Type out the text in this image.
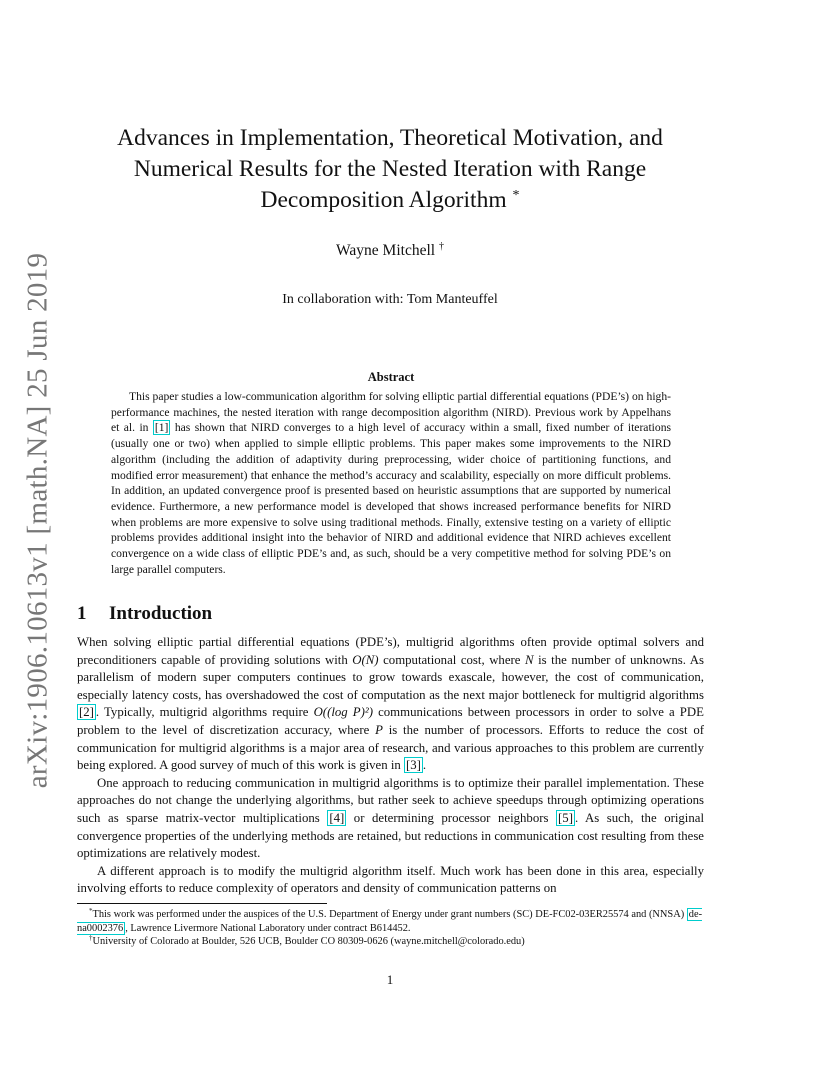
arXiv:1906.10613v1 [math.NA] 25 Jun 2019
Advances in Implementation, Theoretical Motivation, and
Numerical Results for the Nested Iteration with Range
Decomposition Algorithm *
Wayne Mitchell †
In collaboration with: Tom Manteuffel
Abstract

This paper studies a low-communication algorithm for solving elliptic partial differential equations (PDE’s) on high-performance machines, the nested iteration with range decomposition algorithm (NIRD). Previous work by Appelhans et al. in [1] has shown that NIRD converges to a high level of accuracy within a small, fixed number of iterations (usually one or two) when applied to simple elliptic problems. This paper makes some improvements to the NIRD algorithm (including the addition of adaptivity during preprocessing, wider choice of partitioning functions, and modified error measurement) that enhance the method’s accuracy and scalability, especially on more difficult problems. In addition, an updated convergence proof is presented based on heuristic assumptions that are supported by numerical evidence. Furthermore, a new performance model is developed that shows increased performance benefits for NIRD when problems are more expensive to solve using traditional methods. Finally, extensive testing on a variety of elliptic problems provides additional insight into the behavior of NIRD and additional evidence that NIRD achieves excellent convergence on a wide class of elliptic PDE’s and, as such, should be a very competitive method for solving PDE’s on large parallel computers.

1	Introduction

When solving elliptic partial differential equations (PDE’s), multigrid algorithms often provide optimal solvers and preconditioners capable of providing solutions with O(N) computational cost, where N is the number of unknowns. As parallelism of modern super computers continues to grow towards exascale, however, the cost of communication, especially latency costs, has overshadowed the cost of computation as the next major bottleneck for multigrid algorithms [2] . Typically, multigrid algorithms require O((log P)²) communications between processors in order to solve a PDE problem to the level of discretization accuracy, where P is the number of processors. Efforts to reduce the cost of communication for multigrid algorithms is a major area of research, and various approaches to this problem are currently being explored. A good survey of much of this work is given in [3] .

One approach to reducing communication in multigrid algorithms is to optimize their parallel implementation. These approaches do not change the underlying algorithms, but rather seek to achieve speedups through optimizing operations such as sparse matrix-vector multiplications [4] or determining processor neighbors [5] . As such, the original convergence properties of the underlying methods are retained, but reductions in communication cost resulting from these optimizations are relatively modest.

A different approach is to modify the multigrid algorithm itself. Much work has been done in this area, especially involving efforts to reduce complexity of operators and density of communication patterns on

*This work was performed under the auspices of the U.S. Department of Energy under grant numbers (SC) DE-FC02-03ER25574 and (NNSA) de-na0002376 , Lawrence Livermore National Laboratory under contract B614452.

†University of Colorado at Boulder, 526 UCB, Boulder CO 80309-0626 (wayne.mitchell@colorado.edu)

1
